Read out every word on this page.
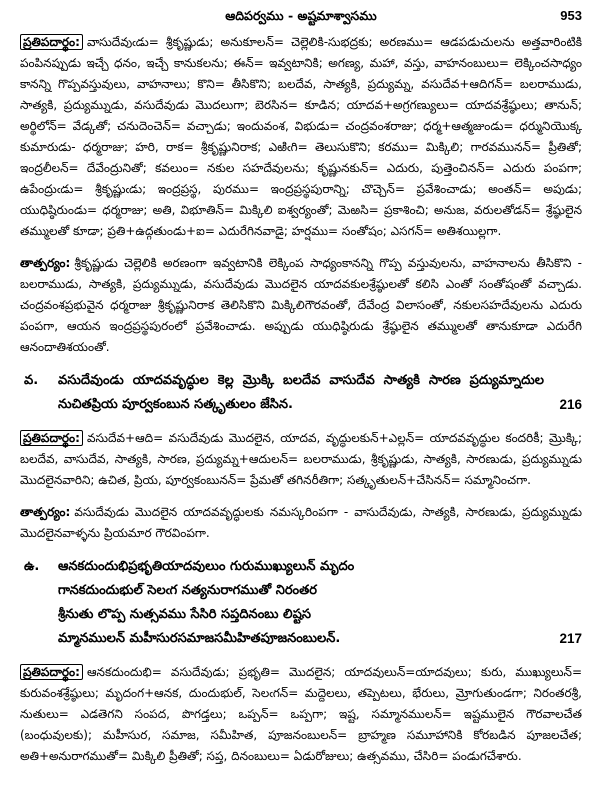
ఆదిపర్వము - అష్టమాశ్వాసము	953

ప్రతిపదార్థం: వాసుదేవుఁడు= శ్రీకృష్ణుడు; అనుకూలన్= చెల్లెలికి-సుభద్రకు; అరణము= ఆడపడుచులను అత్తవారింటికి పంపినప్పుడు ఇచ్చే ధనం, ఇచ్చే కానుకలను; ఈన్= ఇవ్వటానికి; అగణ్య, మహా, వస్తు, వాహనంబులు= లెక్కించసాధ్యం కానన్ని గొప్పవస్తువులు, వాహనాలు; కొని= తీసికొని; బలదేవ, సాత్యకి, ప్రద్యుమ్న, వసుదేవ+ఆదిగన్= బలరాముడు, సాత్యకి, ప్రద్యుమ్నుడు, వసుదేవుడు మొదలుగా; బెరసిన= కూడిన; యాదవ+అగ్రగణ్యులు= యాదవశ్రేష్ఠులు; తానున్; అర్థిలోన్= వేడ్కతో; చనుదెంచెన్= వచ్చాడు; ఇందువంశ, విభుడు= చంద్రవంశరాజు; ధర్మ+ఆత్మజుండు= ధర్మునియొక్క కుమారుడు- ధర్మరాజు; హరి, రాక= శ్రీకృష్ణునిరాక; ఎఱిఁగి= తెలుసుకొని; కరము= మిక్కిలి; గారవమునన్= ప్రీతితో; ఇంద్రలీలన్= దేవేంద్రునితో; కవలుం= నకుల సహదేవులను; కృష్ణునకున్= ఎదురు, పుత్తెంచినన్= ఎదురు పంపగా; ఉపేంద్రుఁడు= శ్రీకృష్ణుఁడు; ఇంద్రప్రస్థ, పురము= ఇంద్రప్రస్థపురాన్ని; చొచ్చెన్= ప్రవేశించాడు; అంతన్= అపుడు; యుధిష్ఠిరుండు= ధర్మరాజు; అతి, విభూతిన్= మిక్కిలి ఐశ్వర్యంతో; మెఱసి= ప్రకాశించి; అనుజ, వరులతోడన్= శ్రేష్ఠులైన తమ్ములతో కూడా; ప్రతి+ఉద్గతుండు+ఐ= ఎదురేగినవాడై; హర్షము= సంతోషం; ఎసగన్= అతిశయిల్లగా.

తాత్పర్యం: శ్రీకృష్ణుడు చెల్లెలికి అరణంగా ఇవ్వటానికి లెక్కింప సాధ్యంకానన్ని గొప్ప వస్తువులను, వాహనాలను తీసికొని - బలరాముడు, సాత్యకి, ప్రద్యుమ్నుడు, వసుదేవుడు మొదలైన యాదవకులశ్రేష్ఠులతో కలిసి ఎంతో సంతోషంతో వచ్చాడు. చంద్రవంశప్రభువైన ధర్మరాజు శ్రీకృష్ణునిరాక తెలిసికొని మిక్కిలిగౌరవంతో, దేవేంద్ర విలాసంతో, నకులసహదేవులను ఎదురు పంపగా, ఆయన ఇంద్రప్రస్థపురంలో ప్రవేశించాడు. అప్పుడు యుధిష్ఠిరుడు శ్రేష్ఠులైన తమ్ములతో తానుకూడా ఎదురేగి ఆనందాతిశయంతో.

వ.	వసుదేవుండు యాదవవృద్ధుల కెల్ల మ్రొక్కి బలదేవ వాసుదేవ సాత్యకి సారణ ప్రద్యుమ్నాదుల నుచితప్రియ పూర్వకంబున సత్కృతులం జేసిన.	216

ప్రతిపదార్థం: వసుదేవ+ఆది= వసుదేవుడు మొదలైన, యాదవ, వృద్ధులకున్+ఎల్లన్= యాదవవృద్ధుల కందరికీ; మ్రొక్కి; బలదేవ, వాసుదేవ, సాత్యకి, సారణ, ప్రద్యుమ్న+ఆదులన్= బలరాముడు, శ్రీకృష్ణుడు, సాత్యకి, సారణుడు, ప్రద్యుమ్నుడు మొదలైనవారిని; ఉచిత, ప్రియ, పూర్వకంబునన్= ప్రేమతో తగినరీతిగా; సత్కృతులన్+చేసినన్= సమ్మానించగా.

తాత్పర్యం: వసుదేవుడు మొదలైన యాదవవృద్ధులకు నమస్కరింపగా - వాసుదేవుడు, సాత్యకి, సారణుడు, ప్రద్యుమ్నుడు మొదలైనవాళ్ళను ప్రియమార గౌరవింపగా.

ఉ.	ఆనకదుందుభిప్రభృతియాదవులుం గురుముఖ్యులున్ మృదం
గానకదుందుభుల్ సెలఁగ నత్యనురాగముతో నిరంతర
శ్రీనుతు లొప్ప నుత్సవము సేసిరి సప్తదినంబు లిష్టస
మ్మానములన్ మహీసురసమాజసమీహితపూజనంబులన్.	217

ప్రతిపదార్థం: ఆనకదుందుభి= వసుదేవుడు; ప్రభృతి= మొదలైన; యాదవులున్=యాదవులు; కురు, ముఖ్యులున్= కురువంశశ్రేష్ఠులు; మృదంగ+ఆనక, దుందుభుల్, సెలఁగన్= మద్దెలలు, తప్పెటలు, భేరులు, మ్రోగుతుండగా; నిరంతరశ్రీ, నుతులు= ఎడతెగని సంపద, పొగడ్తలు; ఒప్పన్= ఒప్పగా; ఇష్ట, సమ్మానములన్= ఇష్టములైన గౌరవాలచేత (బంధువులకు); మహీసుర, సమాజ, సమీహిత, పూజనంబులన్= బ్రాహ్మణ సమూహానికి కోరబడిన పూజలచేత; అతి+అనురాగముతో= మిక్కిలి ప్రీతితో; సప్త, దినంబులు= ఏడురోజులు; ఉత్సవము, చేసిరి= పండుగచేశారు.
